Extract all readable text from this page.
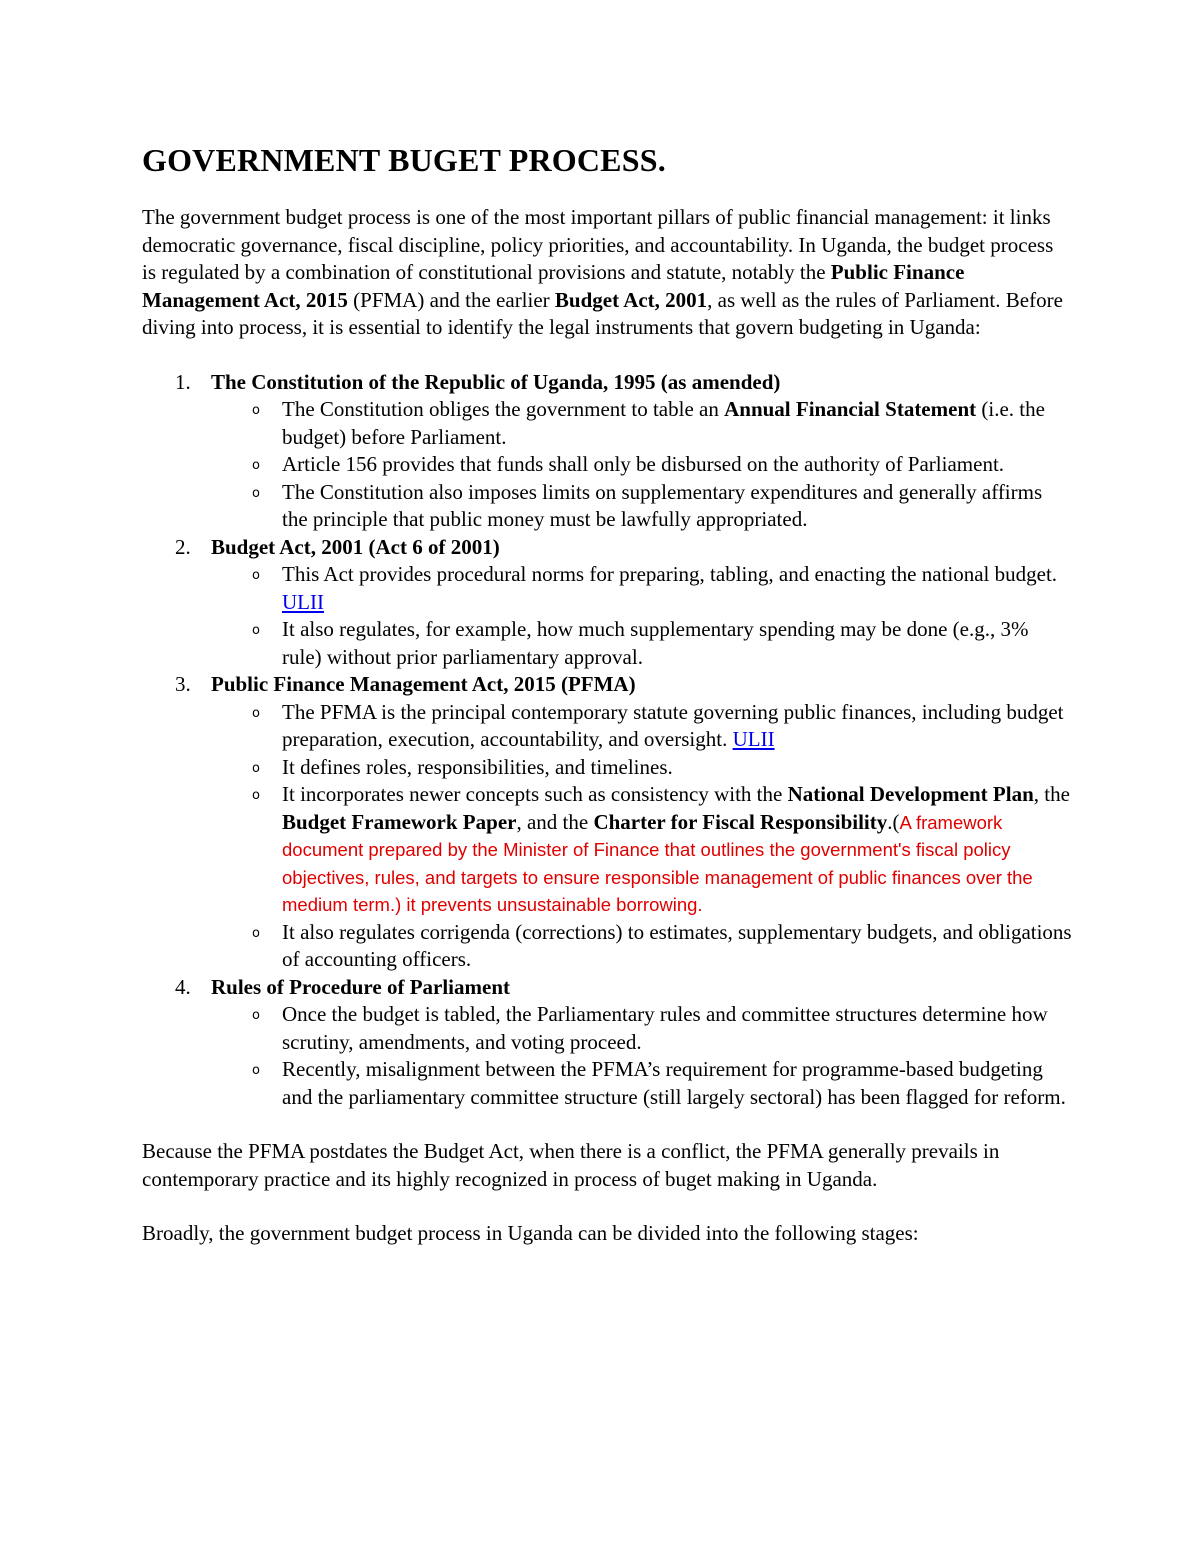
GOVERNMENT BUGET PROCESS.

The government budget process is one of the most important pillars of public financial management: it links democratic governance, fiscal discipline, policy priorities, and accountability. In Uganda, the budget process is regulated by a combination of constitutional provisions and statute, notably the Public Finance Management Act, 2015 (PFMA) and the earlier Budget Act, 2001, as well as the rules of Parliament. Before diving into process, it is essential to identify the legal instruments that govern budgeting in Uganda:

1. The Constitution of the Republic of Uganda, 1995 (as amended)
o	The Constitution obliges the government to table an Annual Financial Statement (i.e. the budget) before Parliament.
o	Article 156 provides that funds shall only be disbursed on the authority of Parliament.
o	The Constitution also imposes limits on supplementary expenditures and generally affirms the principle that public money must be lawfully appropriated.
2. Budget Act, 2001 (Act 6 of 2001)
o	This Act provides procedural norms for preparing, tabling, and enacting the national budget. ULII
o	It also regulates, for example, how much supplementary spending may be done (e.g., 3% rule) without prior parliamentary approval.
3. Public Finance Management Act, 2015 (PFMA)
o	The PFMA is the principal contemporary statute governing public finances, including budget preparation, execution, accountability, and oversight. ULII
o	It defines roles, responsibilities, and timelines.
o	It incorporates newer concepts such as consistency with the National Development Plan, the Budget Framework Paper, and the Charter for Fiscal Responsibility.(A framework document prepared by the Minister of Finance that outlines the government's fiscal policy objectives, rules, and targets to ensure responsible management of public finances over the medium term.) it prevents unsustainable borrowing.
o	It also regulates corrigenda (corrections) to estimates, supplementary budgets, and obligations of accounting officers.
4. Rules of Procedure of Parliament
o	Once the budget is tabled, the Parliamentary rules and committee structures determine how scrutiny, amendments, and voting proceed.
o	Recently, misalignment between the PFMA’s requirement for programme-based budgeting and the parliamentary committee structure (still largely sectoral) has been flagged for reform.

Because the PFMA postdates the Budget Act, when there is a conflict, the PFMA generally prevails in contemporary practice and its highly recognized in process of buget making in Uganda.

Broadly, the government budget process in Uganda can be divided into the following stages:
